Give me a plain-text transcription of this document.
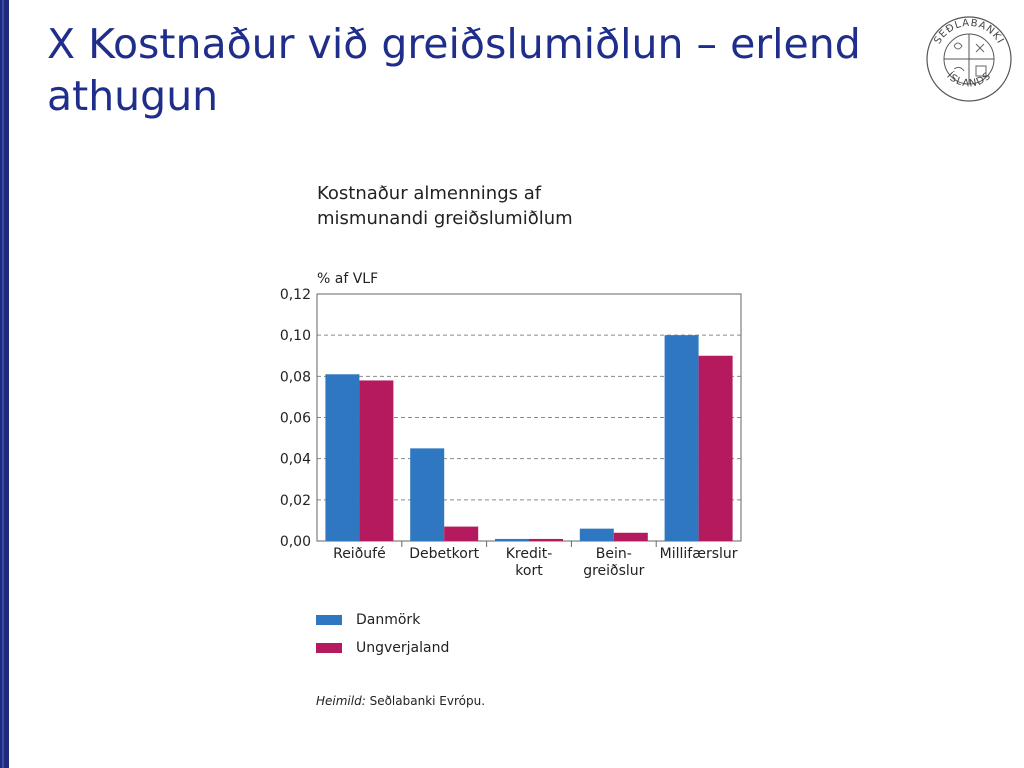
X Kostnaður við greiðslumiðlun – erlend athugun
SEÐLABANKI
ÍSLANDS
Kostnaður almennings af mismunandi greiðslumiðlum
% af VLF
0,12
0,10
0,08
0,06
0,04
0,02
0,00
Reiðufé Debetkort Kredit-kort
Bein-greiðslur
Millifærslur
Danmörk
Ungverjaland
Heimild: Seðlabanki Evrópu.
